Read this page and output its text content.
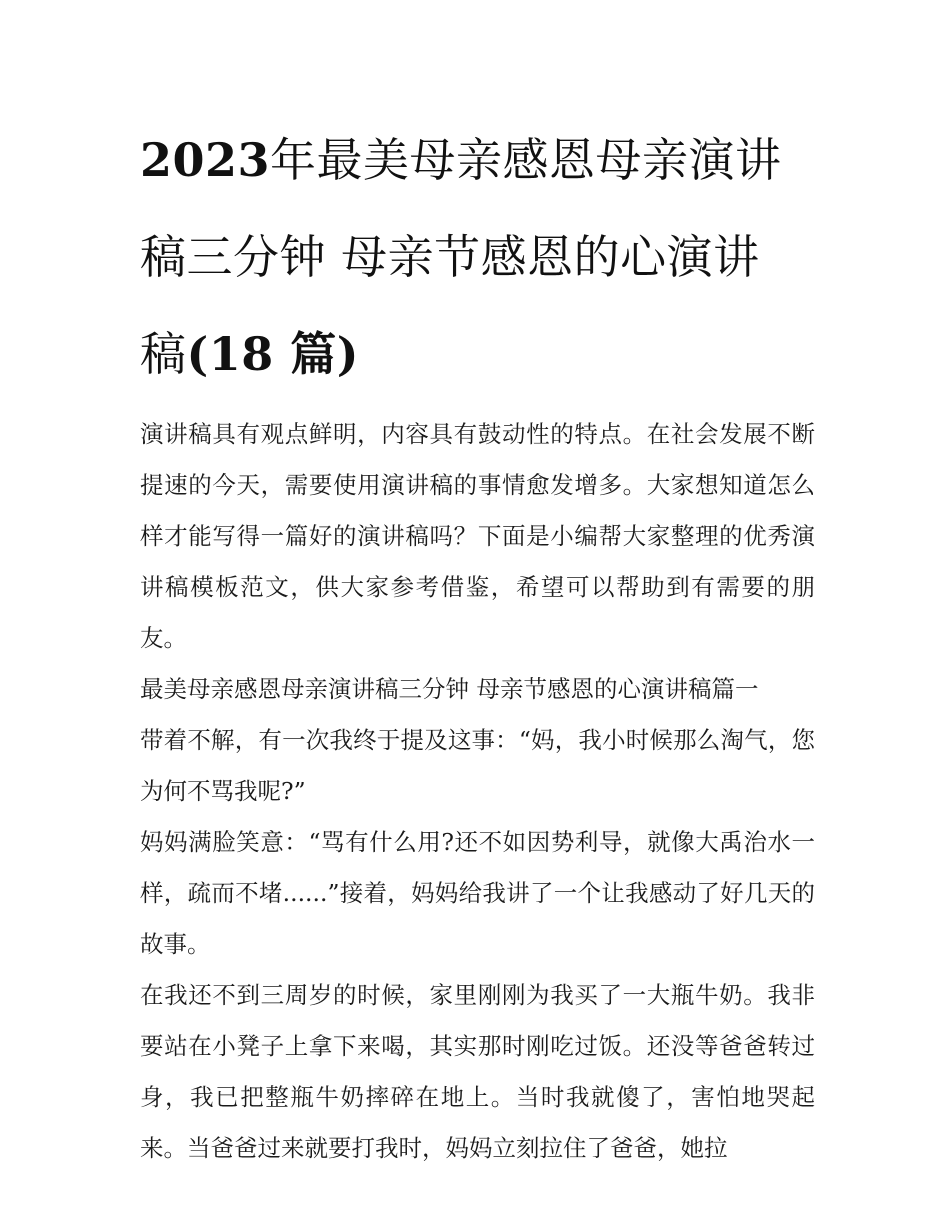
2023年最美母亲感恩母亲演讲
稿三分钟 母亲节感恩的心演讲
稿(18 篇)

演讲稿具有观点鲜明，内容具有鼓动性的特点。在社会发展不断提速的今天，需要使用演讲稿的事情愈发增多。大家想知道怎么样才能写得一篇好的演讲稿吗？下面是小编帮大家整理的优秀演讲稿模板范文，供大家参考借鉴，希望可以帮助到有需要的朋友。

最美母亲感恩母亲演讲稿三分钟 母亲节感恩的心演讲稿篇一

带着不解，有一次我终于提及这事：“妈，我小时候那么淘气，您为何不骂我呢?”

妈妈满脸笑意：“骂有什么用?还不如因势利导，就像大禹治水一样，疏而不堵......”接着，妈妈给我讲了一个让我感动了好几天的故事。

在我还不到三周岁的时候，家里刚刚为我买了一大瓶牛奶。我非要站在小凳子上拿下来喝，其实那时刚吃过饭。还没等爸爸转过身，我已把整瓶牛奶摔碎在地上。当时我就傻了，害怕地哭起来。当爸爸过来就要打我时，妈妈立刻拉住了爸爸，她拉
